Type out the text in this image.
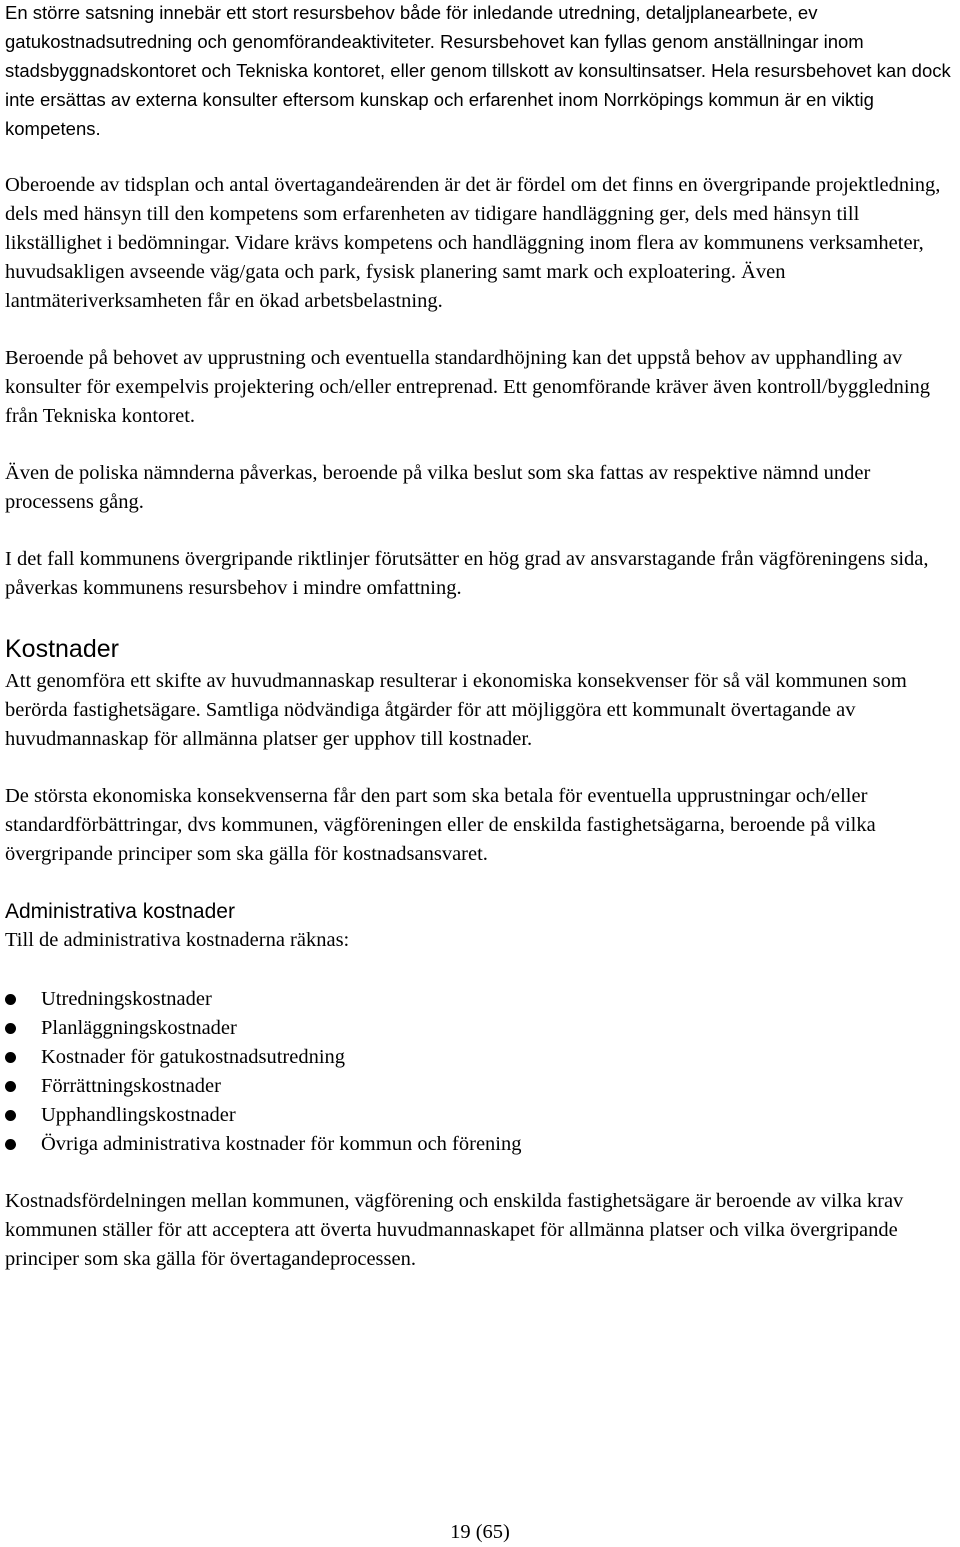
En större satsning innebär ett stort resursbehov både för inledande utredning, detaljplanearbete, ev gatukostnadsutredning och genomförandeaktiviteter. Resursbehovet kan fyllas genom anställningar inom stadsbyggnadskontoret och Tekniska kontoret, eller genom tillskott av konsultinsatser. Hela resursbehovet kan dock inte ersättas av externa konsulter eftersom kunskap och erfarenhet inom Norrköpings kommun är en viktig kompetens.

Oberoende av tidsplan och antal övertagandeärenden är det är fördel om det finns en övergripande projektledning, dels med hänsyn till den kompetens som erfarenheten av tidigare handläggning ger, dels med hänsyn till likställighet i bedömningar. Vidare krävs kompetens och handläggning inom flera av kommunens verksamheter, huvudsakligen avseende väg/gata och park, fysisk planering samt mark och exploatering. Även lantmäteriverksamheten får en ökad arbetsbelastning.

Beroende på behovet av upprustning och eventuella standardhöjning kan det uppstå behov av upphandling av konsulter för exempelvis projektering och/eller entreprenad. Ett genomförande kräver även kontroll/byggledning från Tekniska kontoret.

Även de poliska nämnderna påverkas, beroende på vilka beslut som ska fattas av respektive nämnd under processens gång.

I det fall kommunens övergripande riktlinjer förutsätter en hög grad av ansvarstagande från vägföreningens sida, påverkas kommunens resursbehov i mindre omfattning.

Kostnader

Att genomföra ett skifte av huvudmannaskap resulterar i ekonomiska konsekvenser för så väl kommunen som berörda fastighetsägare. Samtliga nödvändiga åtgärder för att möjliggöra ett kommunalt övertagande av huvudmannaskap för allmänna platser ger upphov till kostnader.

De största ekonomiska konsekvenserna får den part som ska betala för eventuella upprustningar och/eller standardförbättringar, dvs kommunen, vägföreningen eller de enskilda fastighetsägarna, beroende på vilka övergripande principer som ska gälla för kostnadsansvaret.

Administrativa kostnader

Till de administrativa kostnaderna räknas:

Utredningskostnader
Planläggningskostnader
Kostnader för gatukostnadsutredning
Förrättningskostnader
Upphandlingskostnader
Övriga administrativa kostnader för kommun och förening

Kostnadsfördelningen mellan kommunen, vägförening och enskilda fastighetsägare är beroende av vilka krav kommunen ställer för att acceptera att överta huvudmannaskapet för allmänna platser och vilka övergripande principer som ska gälla för övertagandeprocessen.

19 (65)
